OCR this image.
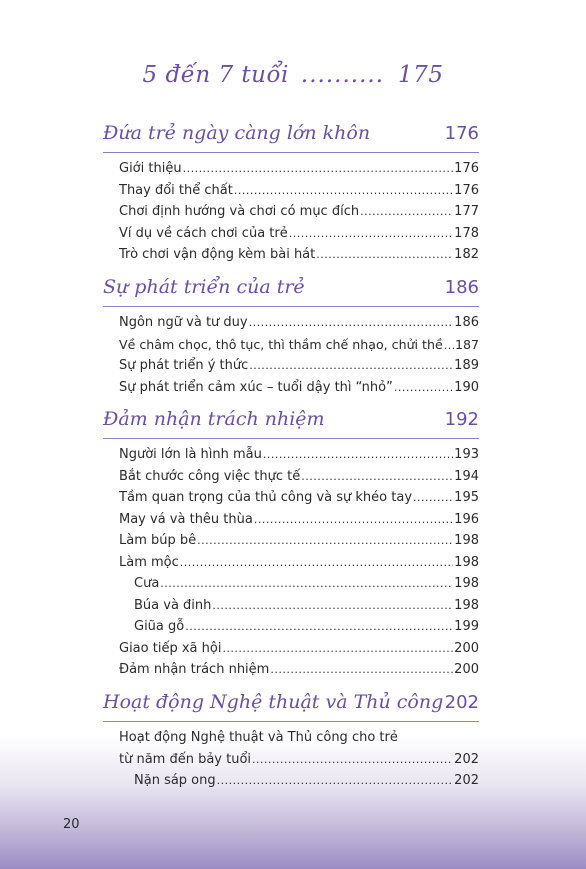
5 đến 7 tuổi .......... 175
Đứa trẻ ngày càng lớn khôn	176
Giới thiệu .....	176
Thay đổi thể chất .....	176
Chơi định hướng và chơi có mục đích .....	177
Ví dụ về cách chơi của trẻ .....	178
Trò chơi vận động kèm bài hát .....	182
Sự phát triển của trẻ	186
Ngôn ngữ và tư duy .....	186
Về châm chọc, thô tục, thì thầm chế nhạo, chửi thề ..... 187
Sự phát triển ý thức .....	189
Sự phát triển cảm xúc – tuổi dậy thì “nhỏ” .....	190
Đảm nhận trách nhiệm	192
Người lớn là hình mẫu .....	193
Bắt chước công việc thực tế .....	194
Tầm quan trọng của thủ công và sự khéo tay .....	195
May vá và thêu thùa .....	196
Làm búp bê .....	198
Làm mộc .....	198
Cưa .....	198
Búa và đinh .....	198
Giũa gỗ .....	199
Giao tiếp xã hội .....	200
Đảm nhận trách nhiệm .....	200
Hoạt động Nghệ thuật và Thủ công 202
Hoạt động Nghệ thuật và Thủ công cho trẻ
từ năm đến bảy tuổi .....	202
Nặn sáp ong .....	202
20
